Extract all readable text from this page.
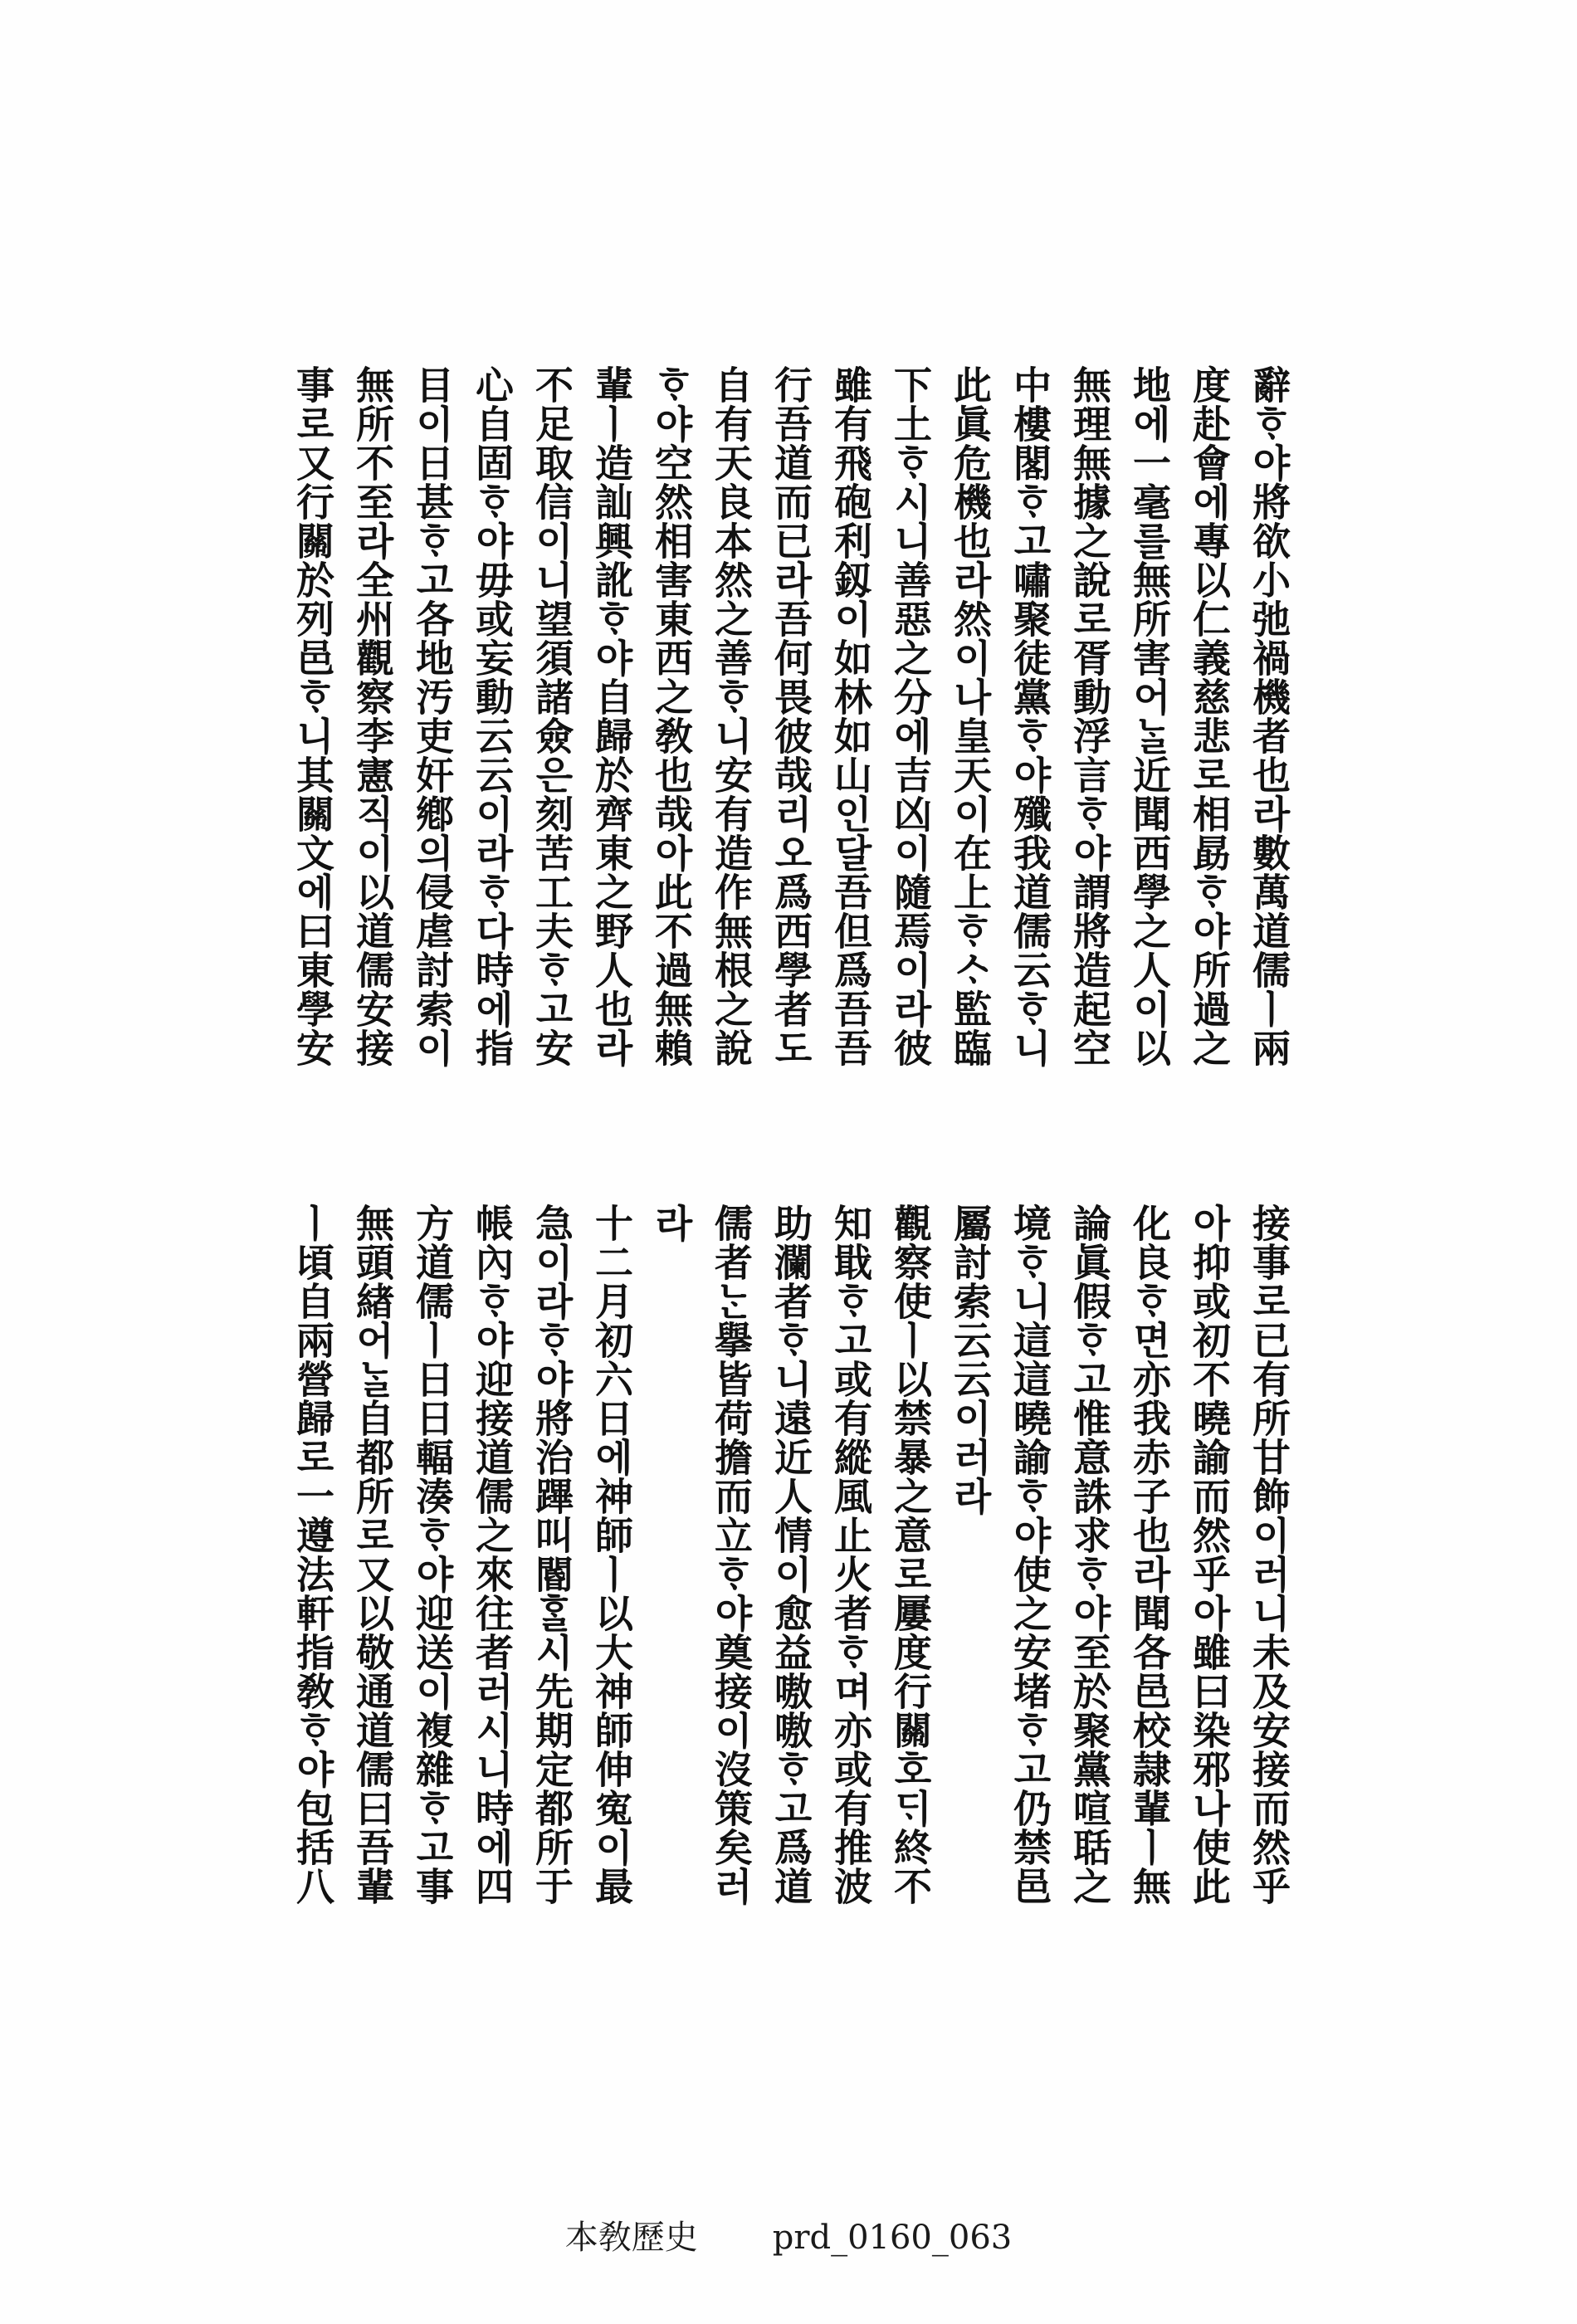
辭ᄒᆞ야將欲小弛禍機者也라數萬道儒ㅣ兩
度赴會에專以仁義慈悲로相勗ᄒᆞ야所過之
地에一毫를無所害어ᄂᆞᆯ近聞西學之人이以
無理無據之說로胥動浮言ᄒᆞ야謂將造起空
中樓閣ᄒᆞ고嘯聚徒黨ᄒᆞ야殲我道儒云ᄒᆞ니
此眞危機也라然이나皇天이在上ᄒᆞᄉᆞ監臨
下土ᄒᆞ시니善惡之分에吉凶이隨焉이라彼
雖有飛砲利釼이如林如山인달吾但爲吾吾
行吾道而已라吾何畏彼哉리오爲西學者도
自有天良本然之善ᄒᆞ니安有造作無根之說
ᄒᆞ야空然相害東西之敎也哉아此不過無賴
輩ㅣ造訕興訛ᄒᆞ야自歸於齊東之野人也라
不足取信이니望須諸僉은刻苦工夫ᄒᆞ고安
心自固ᄒᆞ야毋或妄動云云이라ᄒᆞ다時에指
目이日甚ᄒᆞ고各地汚吏奸鄕의侵虐討索이
無所不至라全州觀察李憲직이以道儒安接
事로又行關於列邑ᄒᆞ니其關文에曰東學安
接事로已有所甘飾이러니未及安接而然乎
아抑或初不曉諭而然乎아雖曰染邪나使此
化良ᄒᆞ면亦我赤子也라聞各邑校隷輩ㅣ無
論眞假ᄒᆞ고惟意誅求ᄒᆞ야至於聚黨喧聒之
境ᄒᆞ니這這曉諭ᄒᆞ야使之安堵ᄒᆞ고仍禁邑
屬討索云云이러라
觀察使ㅣ以禁暴之意로屢度行關호ᄃᆡ終不
知戢ᄒᆞ고或有縱風止火者ᄒᆞ며亦或有推波
助瀾者ᄒᆞ니遠近人情이愈益嗷嗷ᄒᆞ고爲道
儒者ᄂᆞᆫ擧皆荷擔而立ᄒᆞ야奠接이沒策矣러
라
十二月初六日에神師ㅣ以大神師伸寃이最
急이라ᄒᆞ야將治蹕叫閽ᄒᆞᆯ시先期定都所于
帳內ᄒᆞ야迎接道儒之來往者러시니時에四
方道儒ㅣ日日輻湊ᄒᆞ야迎送이複雜ᄒᆞ고事
無頭緖어ᄂᆞᆯ自都所로又以敬通道儒曰吾輩
ㅣ頃自兩營歸로一遵法軒指敎ᄒᆞ야包括八
本敎歷史 prd_0160_063
